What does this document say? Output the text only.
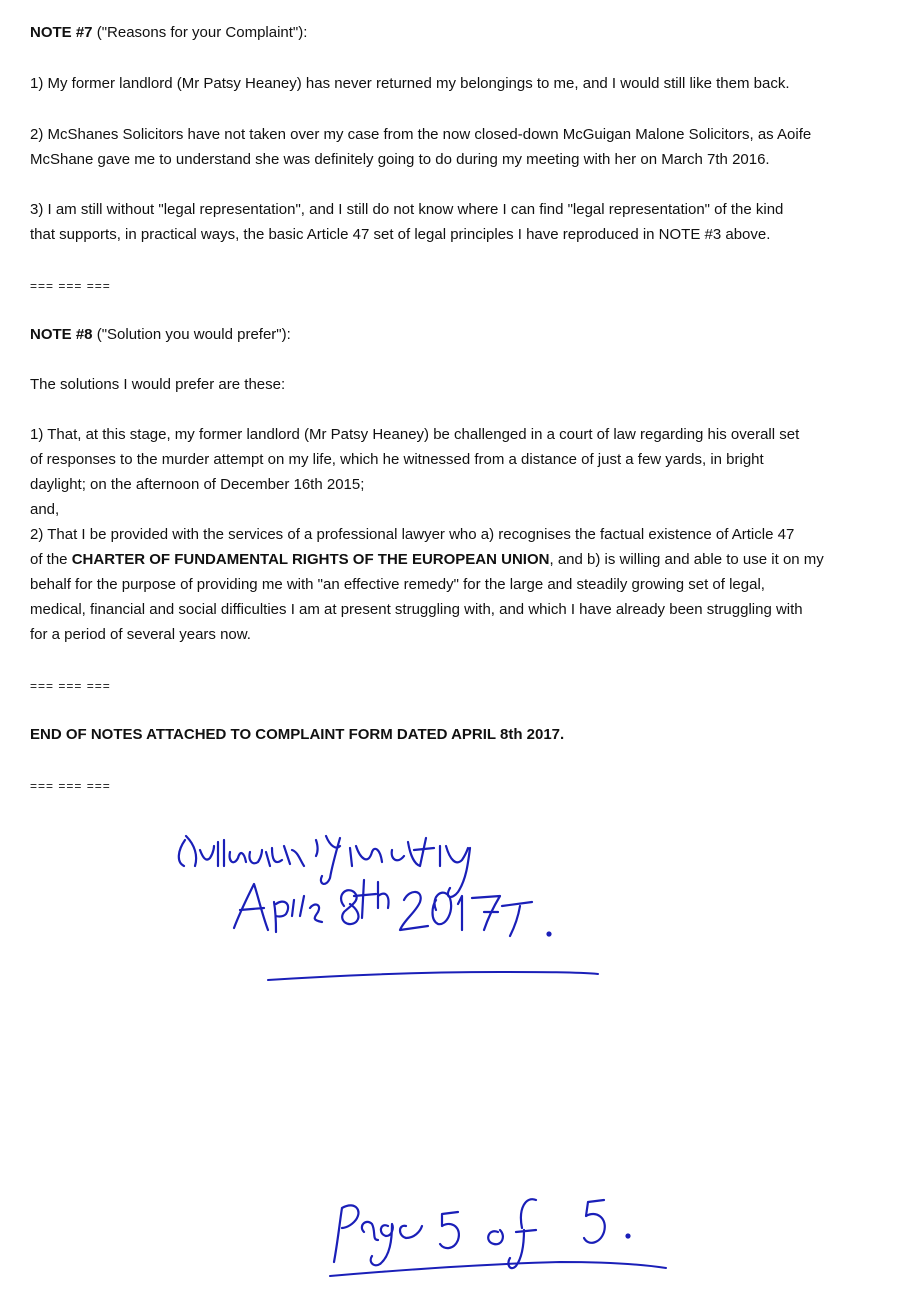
NOTE #7 ("Reasons for your Complaint"):

1) My former landlord (Mr Patsy Heaney) has never returned my belongings to me, and I would still like them back.

2) McShanes Solicitors have not taken over my case from the now closed-down McGuigan Malone Solicitors, as Aoife

McShane gave me to understand she was definitely going to do during my meeting with her on March 7th 2016.

3) I am still without "legal representation", and I still do not know where I can find "legal representation" of the kind

that supports, in practical ways, the basic Article 47 set of legal principles I have reproduced in NOTE #3 above.

=== === ===

NOTE #8 ("Solution you would prefer"):

The solutions I would prefer are these:

1) That, at this stage, my former landlord (Mr Patsy Heaney) be challenged in a court of law regarding his overall set

of responses to the murder attempt on my life, which he witnessed from a distance of just a few yards, in bright

daylight; on the afternoon of December 16th 2015;

and,

2) That I be provided with the services of a professional lawyer who a) recognises the factual existence of Article 47

of the CHARTER OF FUNDAMENTAL RIGHTS OF THE EUROPEAN UNION, and b) is willing and able to use it on my

behalf for the purpose of providing me with "an effective remedy" for the large and steadily growing set of legal,

medical, financial and social difficulties I am at present struggling with, and which I have already been struggling with

for a period of several years now.

=== === ===

END OF NOTES ATTACHED TO COMPLAINT FORM DATED APRIL 8th 2017.

=== === ===
